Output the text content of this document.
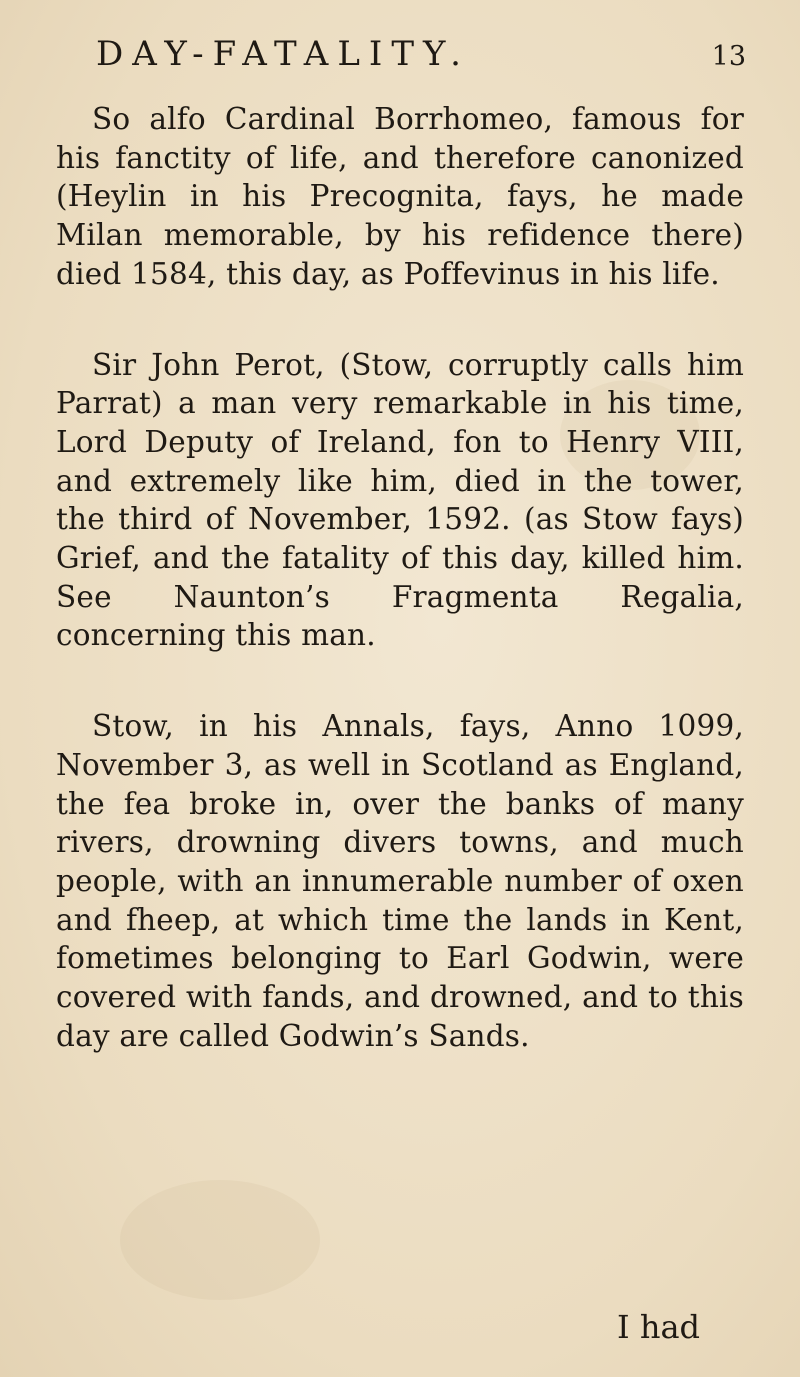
DAY-FATALITY.	13

So alfo Cardinal Borrhomeo, famous for his fanctity of life, and therefore canonized (Heylin in his Precognita, fays, he made Milan memorable, by his refidence there) died 1584, this day, as Poffevinus in his life.

Sir John Perot, (Stow, corruptly calls him Parrat) a man very remarkable in his time, Lord Deputy of Ireland, fon to Henry VIII, and extremely like him, died in the tower, the third of November, 1592. (as Stow fays) Grief, and the fatality of this day, killed him. See Naunton’s Fragmenta Regalia, concerning this man.

Stow, in his Annals, fays, Anno 1099, November 3, as well in Scotland as England, the fea broke in, over the banks of many rivers, drowning divers towns, and much people, with an innumerable number of oxen and fheep, at which time the lands in Kent, fometimes belonging to Earl Godwin, were covered with fands, and drowned, and to this day are called Godwin’s Sands.

I had
